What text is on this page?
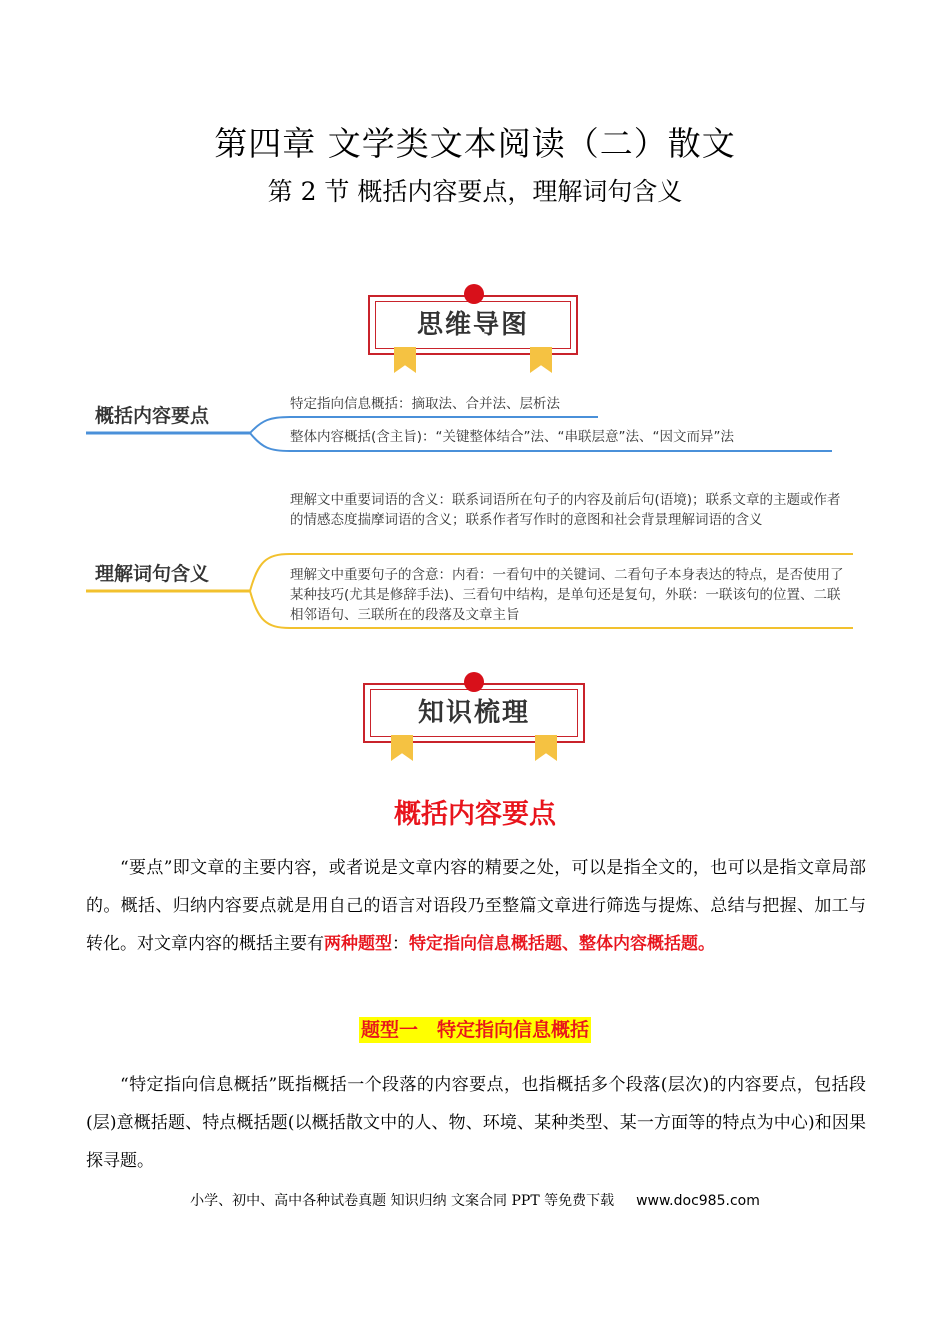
第四章 文学类文本阅读（二）散文
第 2 节 概括内容要点，理解词句含义
思维导图
概括内容要点
特定指向信息概括：摘取法、合并法、层析法
整体内容概括(含主旨)：“关键整体结合”法、“串联层意”法、“因文而异”法
理解词句含义
理解文中重要词语的含义：联系词语所在句子的内容及前后句(语境)；联系文章的主题或作者的情感态度揣摩词语的含义；联系作者写作时的意图和社会背景理解词语的含义
理解文中重要句子的含意：内看：一看句中的关键词、二看句子本身表达的特点，是否使用了某种技巧(尤其是修辞手法)、三看句中结构，是单句还是复句，外联：一联该句的位置、二联相邻语句、三联所在的段落及文章主旨
知识梳理
概括内容要点
“要点”即文章的主要内容，或者说是文章内容的精要之处，可以是指全文的，也可以是指文章局部的。概括、归纳内容要点就是用自己的语言对语段乃至整篇文章进行筛选与提炼、总结与把握、加工与转化。对文章内容的概括主要有两种题型：特定指向信息概括题、整体内容概括题。
题型一　特定指向信息概括
“特定指向信息概括”既指概括一个段落的内容要点，也指概括多个段落(层次)的内容要点，包括段(层)意概括题、特点概括题(以概括散文中的人、物、环境、某种类型、某一方面等的特点为中心)和因果探寻题。
小学、初中、高中各种试卷真题 知识归纳 文案合同 PPT 等免费下载 www.doc985.com
